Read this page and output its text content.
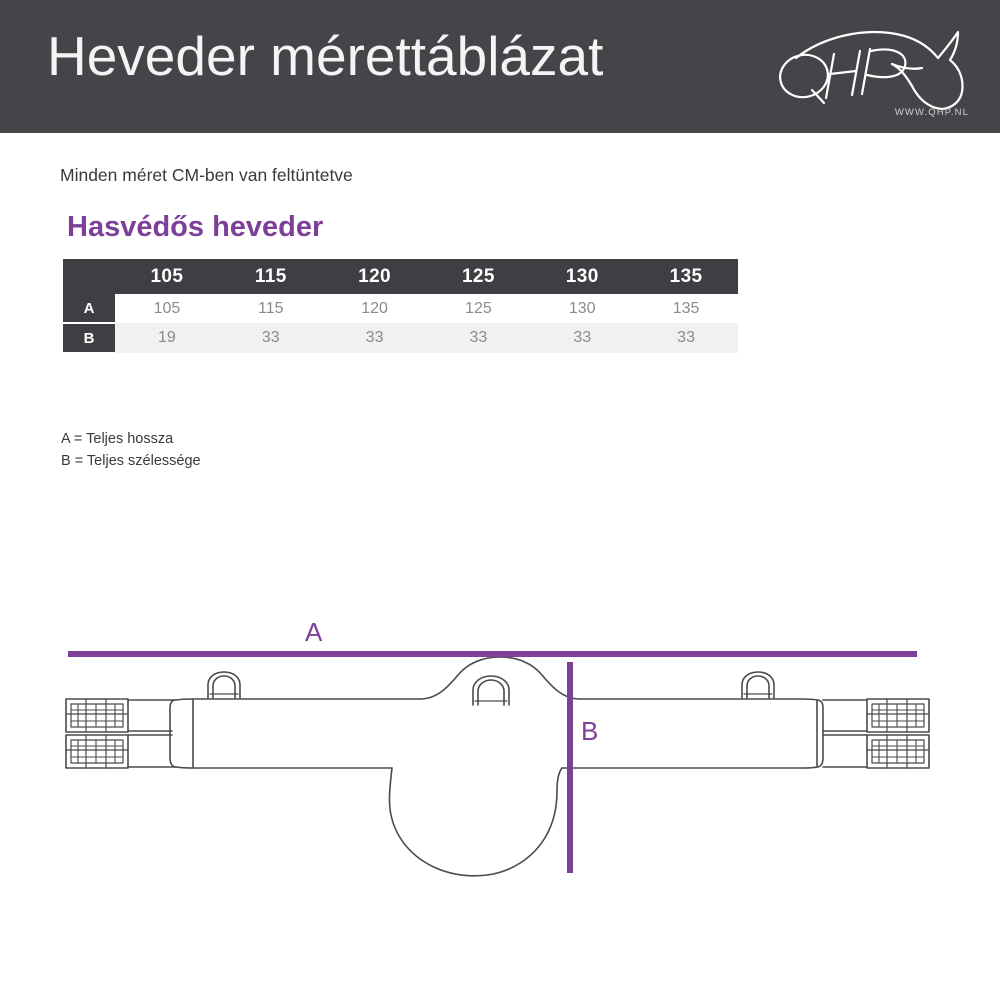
Heveder mérettáblázat
WWW.QHP.NL
Minden méret CM-ben van feltüntetve
Hasvédős heveder
	105	115	120	125	130	135
A	105	115	120	125	130	135
B	19	33	33	33	33	33
A = Teljes hossza
B = Teljes szélessége
A
B
